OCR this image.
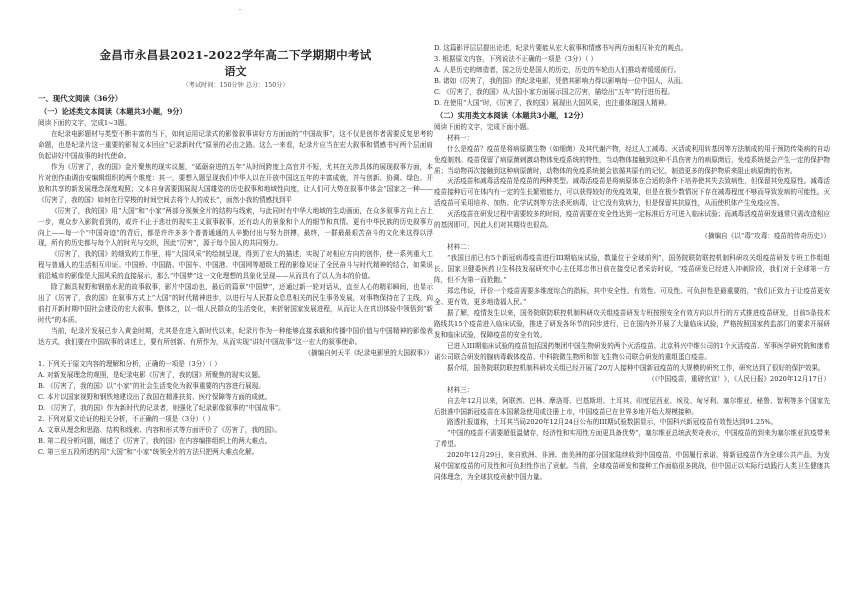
-
金昌市永昌县2021-2022学年高二下学期期中考试
语文
（考试时间：150分钟 总分：150分）

一、现代文阅读（36分）

（一）论述类文本阅读（本题共3小题，9分）

阅读下面的文字，完成1~3题。

在纪录电影题材与类型不断丰富的当下，如何运用记录式的影像叙事讲好方方面面的“中国故事”，这不仅是创作者需要反复思考的命题，也是纪录片这一重要的影视文本回应“记录新时代”原景的必由之路。这么一来看，纪录片应当在宏大叙事和情感书写两个层面肩负起讲好中国故事的时代使命。

作为《厉害了，我的国》金片聚焦的现实议题，“砥砺奋进的五年”从时间跨度上高官并不短，尤其在关涉具体的展现叙事方面，本片对创作曲调由安编辑组织的两个维度：其一，要想入题呈现我们中华人以在开放中国这五年的丰富成就，并与创新、协调、绿色、开放和共享的新发展理念深度观照；文本自身需要拥展现大国雄姿的历史叙事和地域性向度，让人们可大势在叙事中体会“国家之一种——《厉害了，我的国》如何在行穿梭的时间空间去将个人的成长”，面然小我的情感找到平

《厉害了，我的国》用“大国”和“小家”两部分视频全片的结构与线索，与此同时有中华大地域的生动画面，在众多叙事方向上占上一步，观众步入影院看到的，或许不止于悲壮的现实主义叙事叙事，还有动人的景象和个人的细节和真情。更有中华民族的历史叙事方向上——每一个“中国奇迹”的背后，都是许许多多个普普通通的人辛勤付出与努力拼搏，最终，一群最最艰苦奋斗的文化来这得以浮现，所有的历史都与每个人的时光与交织，因此“厉害”，源于每个国人的共同努力。

《厉害了，我的国》的细致的工作里，将“大国风采”的绘制呈现，得到了宏大的描述，实现了对相应方向的创作，使一系列重大工程与普通人的生活相互印证。中国桥、中国路、中国车、中国港、中国网等超级工程的影像见证了全民奋斗与时代精神的结合，如果说前沿城市的影像是大国风采的直接展示，那么“中国梦”这一文化理想的具象化呈现——从而具有了以人为本的价值。

除了颇具视野和钢筋水泥的故事叙事，影片中国动也，最后的篇章“中国梦”，还通过新一轮对话从，直至人心的精彩瞬间，也显示出了《厉害了，我的国》在叙事方式上“大国”的时代精神进步，以进行与人民群众息息相关的民生事务发展，对事物保持在了主线，向前打开新时期中国社会建设的宏大叙事。整体之，以一组人民群众的生活变化，来折射国家发展进程，从而让人在真切体验中领悟到“新时代”的本质。

当前，纪录片发展已步入黄金时期，尤其是在进入新时代以来，纪录片作为一种能够直接承载和传播中国价值与中国精神的影像表达方式，我们要在中国故事的讲述上，要有所创新、有所作为，从而实现“讲好中国故事”这一宏大的叙事使命。

（摘编自何天平《纪录电影里的大国叙事》）

1. 下列关于原文内容的理解和分析，正确的一项是（3分）（ ）

A. 对新发展理念的观照，是纪录电影《厉害了，我的国》所聚焦的现实议题。

B. 《厉害了，我的国》以“小家”的社会生活变化为叙事重要的内容进行展现。

C. 本片以国家视野和钢铁地建设出了我国在精准扶贫、医疗保障等方面的成就。

D. 《厉害了，我的国》作为新时代的记录者，则强化了纪录影像叙事的“中国故事”。

2. 下列对原文论证的相关分析，不正确的一项是（3分）（ ）

A. 文章从理念和思路、结构和线索、内容和形式等方面评价了《厉害了，我的国》。

B. 第二段分析问题，阐述了《厉害了，我的国》在内容编排组织上的两大难点。

C. 第三至五段所述的用“大国”和“小家”统领全片的方法只把两大难点化解。

D. 这篇影评层层提出论述，纪录片要能从宏大叙事和情感书写两方面相互补充的观点。

3. 根据原文内容，下列说法不正确的一项是（3分）（ ）

A. 人是历史的缔造者，国之历史是国人的历史，历史的车轮由人们推动着缓缓前行。

B. 诸如《厉害了，我的国》的纪录电影，凭借其影响力得以影响每一位中国人，从而。

C. 《厉害了，我的国》从大国小家方面展示国之厉害，描绘出“五年”的行进历程。

D. 在使用“大国”时，《厉害了，我的国》展现出大国风采，也注重体现国人精神。

（二）实用类文本阅读（本题共3小题，12分）

阅读下面的文字，完成下面小题。

材料一：

什么是疫苗？疫苗是将病原微生物（如细菌）及其代谢产物，经过人工减毒、灭活或利用转基因等方法制成的用于预防传染病的自动免疫制剂。疫苗保留了病原菌刺激动物体免疫系统的特性，当动物体接触到这种不具伤害力的病原菌后，免疫系统便会产生一定的保护物质；当动物再次接触到这种病原菌时，动物体的免疫系统便会依循其原有的记忆，制造更多的保护物质来阻止病原菌的伤害。

灭活疫苗和减毒活疫苗是疫苗的两种类型。减毒活疫苗是将病原体在合适的条件下培养使其失去致病性，但保留其免疫原性。减毒活疫苗接种后可在体内有一定的生长繁殖能力，可以获得较好的免疫效果，但是在极少数情况下存在减毒程度不够而导致发病的可能性。灭活疫苗可采用培养、加热、化学试剂等方法杀死病毒，让它没有致病力，但是保留其抗原性，从而使机体产生免疫应答。

灭活疫苗在研发过程中需要较多的时间，疫苗需要在安全性达到一定标准后方可进入临床试验；而减毒活疫苗研发通常只需改造相应的基因即可，因此人们对其期待也很高。

（摘编自《以“毒”攻毒：疫苗的传奇历史》）

材料二：

“我国目前已有5个新冠病毒疫苗进行III期临床试验，数量位于全球前列”，国务院联防联控机制科研攻关组疫苗研发专班工作组组长、国家卫健委医药卫生科技发展研究中心主任郑忠伟日前在接受记者采访时说，“疫苗研发已经进入冲刺阶段，我们对于全球第一方阵，但不为第一而抢跑。”

郑忠伟说，评价一个疫苗需要多维度综合的指标，其中安全性、有效性、可及性、可负担性是最重要的，“我们正致力于让疫苗更安全、更有效，更多地造福人民。”

据了解，疫情发生以来，国务院联防联控机制科研攻关组疫苗研发专班按照安全有效方向以并行的方式推进疫苗研发，目前5条技术路线共15个疫苗进入临床试验，推进了研发各环节的同步进行，已在国内外开展了大量临床试验，严格按照国家药监部门的要求开展研发和临床试验，保障疫苗的安全有效。

已进入III期临床试验的疫苗包括国药集团中国生物研发的两个灭活疫苗、北京科兴中维公司的1个灭活疫苗、军事医学研究院和康希诺公司联合研发的腺病毒载体疫苗、中科院微生物所和智飞生物公司联合研发的重组蛋白疫苗。

据介绍，国务院联防联控机制科研攻关组已经开展了20万人接种中国新冠疫苗的大规模的研究工作，研究达到了很好的保护效果。

（《中国疫苗，重磅官宣！》，《人民日报》2020年12月17日）

材料三：

自去年12月以来，阿联酋、巴林、摩洛哥、巴基斯坦、土耳其、印度尼西亚、埃及、匈牙利、塞尔维亚、秘鲁、智利等多个国家先后批准中国新冠疫苗在本国紧急使用或注册上市，中国疫苗已在世界多地开始大规模接种。

路透社报道称，土耳其当局2020年12月24日公布的III期试验数据显示，中国科兴新冠疫苗有效性达到91.25%。

“中国的疫苗不需要超低温储存，经济性和实用性方面更具备优势”，塞尔维亚总统武契奇表示，中国疫苗的到来为塞尔维亚抗疫带来了希望。

2020年12月29日，来自欧洲、非洲、南美洲的部分国家陆续收到中国疫苗，中国履行承诺，将新冠疫苗作为全球公共产品，为发展中国家疫苗的可及性和可负担性作出了贡献。当前，全球疫苗研发和接种工作面临很多挑战，但中国正以实际行动践行人类卫生健康共同体理念，为全球抗疫贡献中国力量。
